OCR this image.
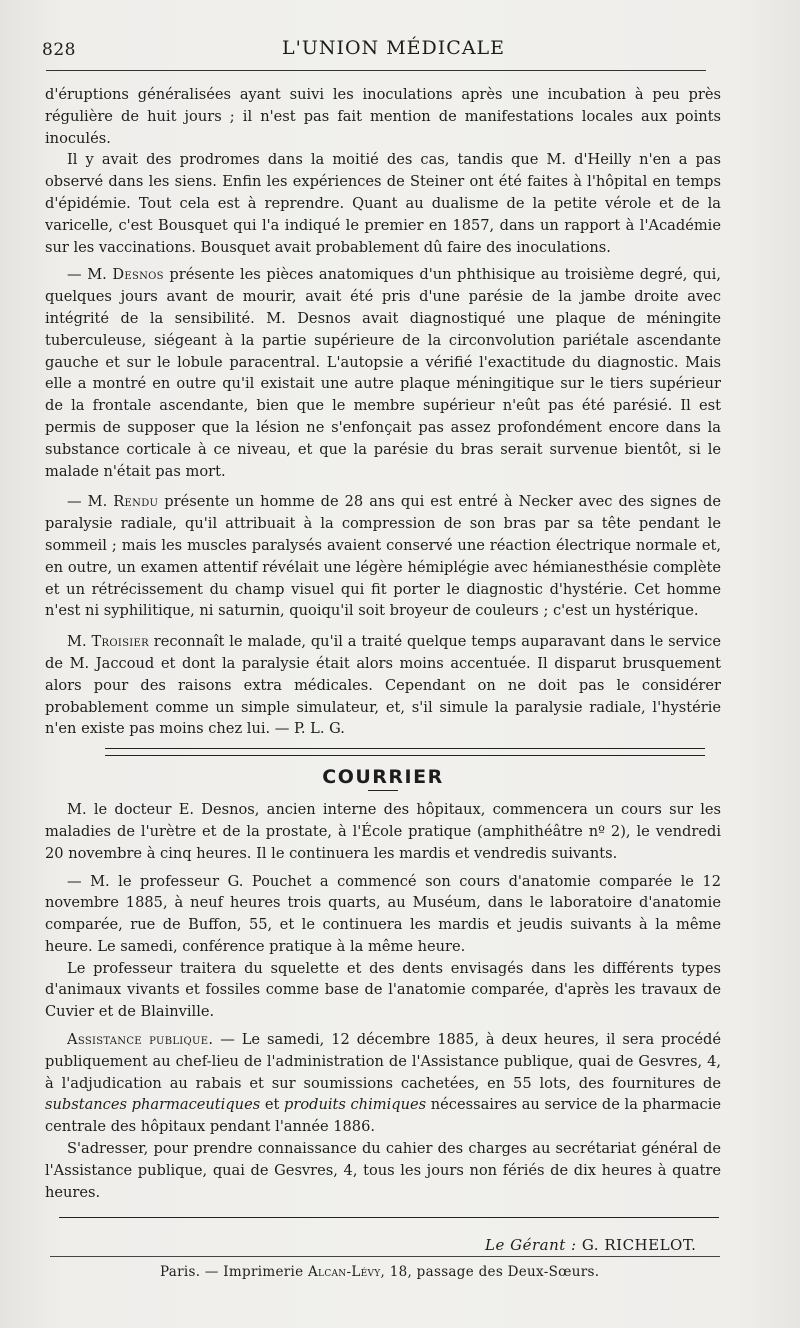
828	L'UNION MÉDICALE

d'éruptions généralisées ayant suivi les inoculations après une incubation à peu près régulière de huit jours ; il n'est pas fait mention de manifestations locales aux points inoculés.

Il y avait des prodromes dans la moitié des cas, tandis que M. d'Heilly n'en a pas observé dans les siens. Enfin les expériences de Steiner ont été faites à l'hôpital en temps d'épidémie. Tout cela est à reprendre. Quant au dualisme de la petite vérole et de la varicelle, c'est Bousquet qui l'a indiqué le premier en 1857, dans un rapport à l'Académie sur les vaccinations. Bousquet avait probablement dû faire des inoculations.

— M. Desnos présente les pièces anatomiques d'un phthisique au troisième degré, qui, quelques jours avant de mourir, avait été pris d'une parésie de la jambe droite avec intégrité de la sensibilité. M. Desnos avait diagnostiqué une plaque de méningite tuberculeuse, siégeant à la partie supérieure de la circonvolution pariétale ascendante gauche et sur le lobule paracentral. L'autopsie a vérifié l'exactitude du diagnostic. Mais elle a montré en outre qu'il existait une autre plaque méningitique sur le tiers supérieur de la frontale ascendante, bien que le membre supérieur n'eût pas été parésié. Il est permis de supposer que la lésion ne s'enfonçait pas assez profondément encore dans la substance corticale à ce niveau, et que la parésie du bras serait survenue bientôt, si le malade n'était pas mort.

— M. Rendu présente un homme de 28 ans qui est entré à Necker avec des signes de paralysie radiale, qu'il attribuait à la compression de son bras par sa tête pendant le sommeil ; mais les muscles paralysés avaient conservé une réaction électrique normale et, en outre, un examen attentif révélait une légère hémiplégie avec hémianesthésie complète et un rétrécissement du champ visuel qui fit porter le diagnostic d'hystérie. Cet homme n'est ni syphilitique, ni saturnin, quoiqu'il soit broyeur de couleurs ; c'est un hystérique.

M. Troisier reconnaît le malade, qu'il a traité quelque temps auparavant dans le service de M. Jaccoud et dont la paralysie était alors moins accentuée. Il disparut brusquement alors pour des raisons extra médicales. Cependant on ne doit pas le considérer probablement comme un simple simulateur, et, s'il simule la paralysie radiale, l'hystérie n'en existe pas moins chez lui. — P. L. G.

COURRIER

M. le docteur E. Desnos, ancien interne des hôpitaux, commencera un cours sur les maladies de l'urètre et de la prostate, à l'École pratique (amphithéâtre nº 2), le vendredi 20 novembre à cinq heures. Il le continuera les mardis et vendredis suivants.

— M. le professeur G. Pouchet a commencé son cours d'anatomie comparée le 12 novembre 1885, à neuf heures trois quarts, au Muséum, dans le laboratoire d'anatomie comparée, rue de Buffon, 55, et le continuera les mardis et jeudis suivants à la même heure. Le samedi, conférence pratique à la même heure.

Le professeur traitera du squelette et des dents envisagés dans les différents types d'animaux vivants et fossiles comme base de l'anatomie comparée, d'après les travaux de Cuvier et de Blainville.

Assistance publique. — Le samedi, 12 décembre 1885, à deux heures, il sera procédé publiquement au chef-lieu de l'administration de l'Assistance publique, quai de Gesvres, 4, à l'adjudication au rabais et sur soumissions cachetées, en 55 lots, des fournitures de substances pharmaceutiques et produits chimiques nécessaires au service de la pharmacie centrale des hôpitaux pendant l'année 1886.

S'adresser, pour prendre connaissance du cahier des charges au secrétariat général de l'Assistance publique, quai de Gesvres, 4, tous les jours non fériés de dix heures à quatre heures.

Le Gérant : G. RICHELOT.
Paris. — Imprimerie Alcan-Lévy, 18, passage des Deux-Sœurs.
